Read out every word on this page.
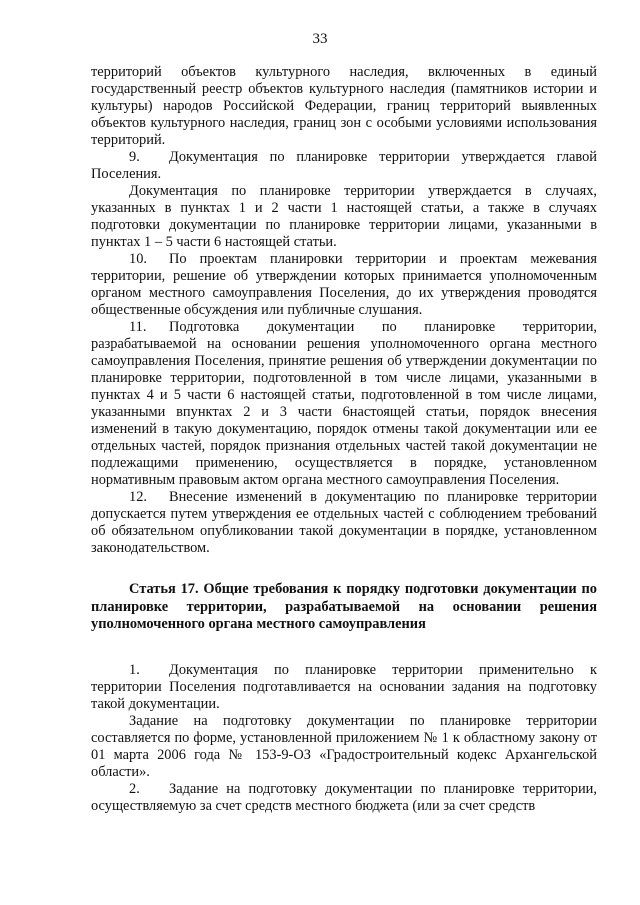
33

территорий объектов культурного наследия, включенных в единый государственный реестр объектов культурного наследия (памятников истории и культуры) народов Российской Федерации, границ территорий выявленных объектов культурного наследия, границ зон с особыми условиями использования территорий.

9. Документация по планировке территории утверждается главой Поселения.

Документация по планировке территории утверждается в случаях, указанных в пунктах 1 и 2 части 1 настоящей статьи, а также в случаях подготовки документации по планировке территории лицами, указанными в пунктах 1 – 5 части 6 настоящей статьи.

10. По проектам планировки территории и проектам межевания территории, решение об утверждении которых принимается уполномоченным органом местного самоуправления Поселения, до их утверждения проводятся общественные обсуждения или публичные слушания.

11. Подготовка документации по планировке территории, разрабатываемой на основании решения уполномоченного органа местного самоуправления Поселения, принятие решения об утверждении документации по планировке территории, подготовленной в том числе лицами, указанными в пунктах 4 и 5 части 6 настоящей статьи, подготовленной в том числе лицами, указанными впунктах 2 и 3 части 6настоящей статьи, порядок внесения изменений в такую документацию, порядок отмены такой документации или ее отдельных частей, порядок признания отдельных частей такой документации не подлежащими применению, осуществляется в порядке, установленном нормативным правовым актом органа местного самоуправления Поселения.

12. Внесение изменений в документацию по планировке территории допускается путем утверждения ее отдельных частей с соблюдением требований об обязательном опубликовании такой документации в порядке, установленном законодательством.

Статья 17. Общие требования к порядку подготовки документации по планировке территории, разрабатываемой на основании решения уполномоченного органа местного самоуправления

1. Документация по планировке территории применительно к территории Поселения подготавливается на основании задания на подготовку такой документации.

Задание на подготовку документации по планировке территории составляется по форме, установленной приложением № 1 к областному закону от 01 марта 2006 года № 153-9-ОЗ «Градостроительный кодекс Архангельской области».

2. Задание на подготовку документации по планировке территории, осуществляемую за счет средств местного бюджета (или за счет средств
